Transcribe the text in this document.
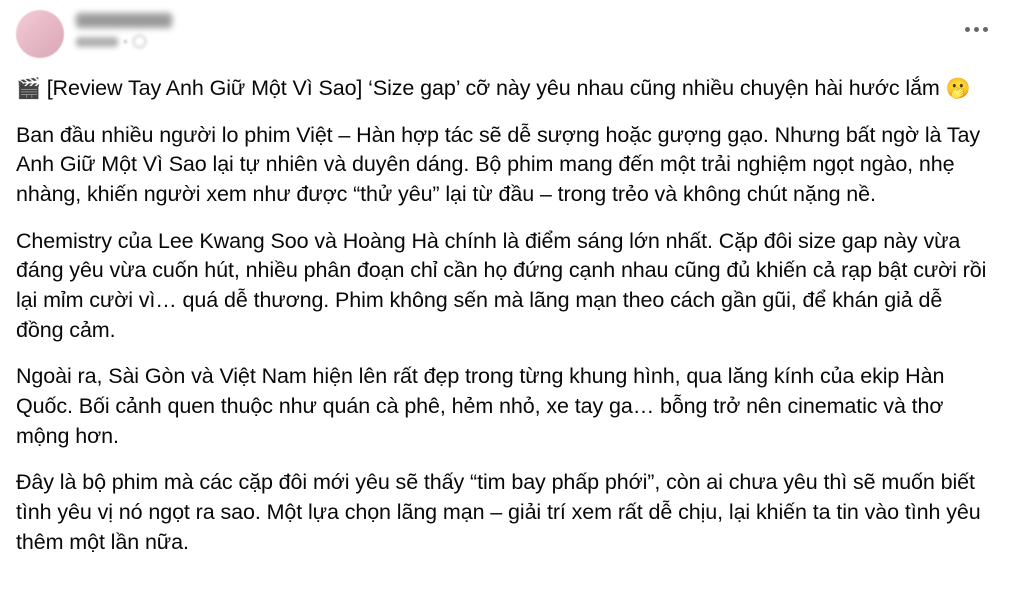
🎬 [Review Tay Anh Giữ Một Vì Sao] ‘Size gap’ cỡ này yêu nhau cũng nhiều chuyện hài hước lắm 🫢

Ban đầu nhiều người lo phim Việt – Hàn hợp tác sẽ dễ sượng hoặc gượng gạo. Nhưng bất ngờ là Tay Anh Giữ Một Vì Sao lại tự nhiên và duyên dáng. Bộ phim mang đến một trải nghiệm ngọt ngào, nhẹ nhàng, khiến người xem như được “thử yêu” lại từ đầu – trong trẻo và không chút nặng nề.

Chemistry của Lee Kwang Soo và Hoàng Hà chính là điểm sáng lớn nhất. Cặp đôi size gap này vừa đáng yêu vừa cuốn hút, nhiều phân đoạn chỉ cần họ đứng cạnh nhau cũng đủ khiến cả rạp bật cười rồi lại mỉm cười vì… quá dễ thương. Phim không sến mà lãng mạn theo cách gần gũi, để khán giả dễ đồng cảm.

Ngoài ra, Sài Gòn và Việt Nam hiện lên rất đẹp trong từng khung hình, qua lăng kính của ekip Hàn Quốc. Bối cảnh quen thuộc như quán cà phê, hẻm nhỏ, xe tay ga… bỗng trở nên cinematic và thơ mộng hơn.

Đây là bộ phim mà các cặp đôi mới yêu sẽ thấy “tim bay phấp phới”, còn ai chưa yêu thì sẽ muốn biết tình yêu vị nó ngọt ra sao. Một lựa chọn lãng mạn – giải trí xem rất dễ chịu, lại khiến ta tin vào tình yêu thêm một lần nữa.
